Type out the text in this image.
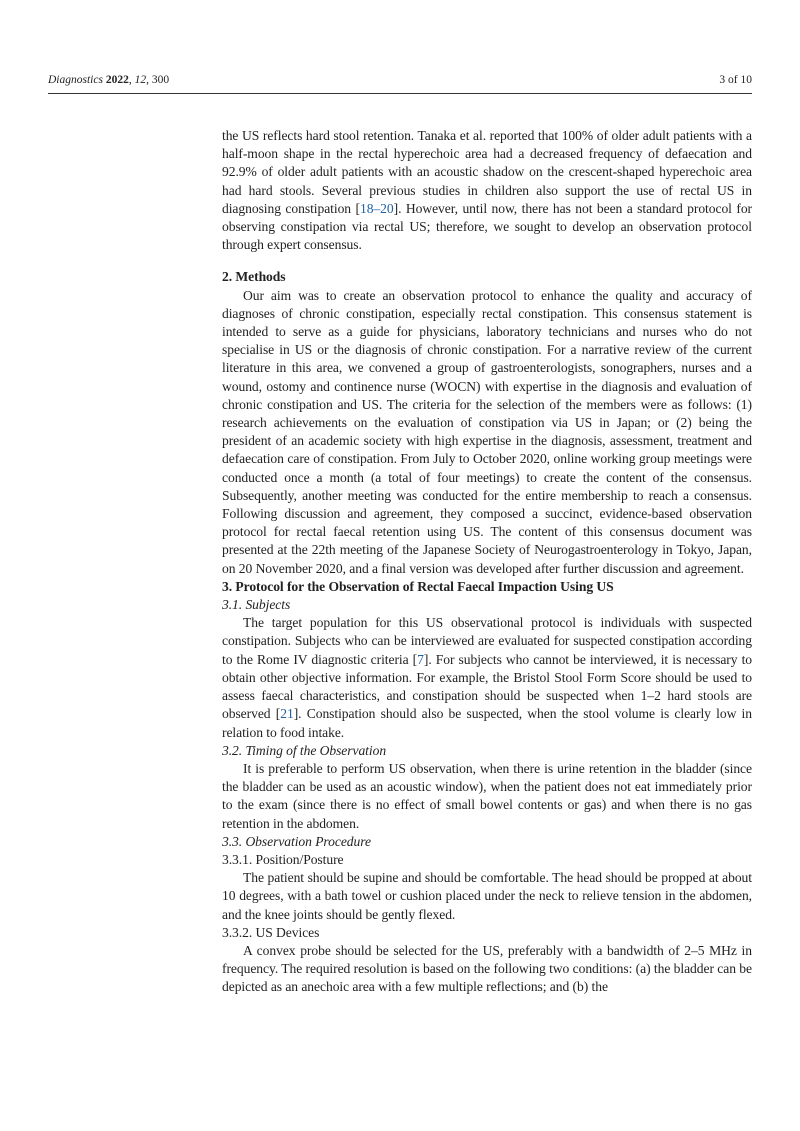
Diagnostics 2022, 12, 300	3 of 10

the US reflects hard stool retention. Tanaka et al. reported that 100% of older adult patients with a half-moon shape in the rectal hyperechoic area had a decreased frequency of defaecation and 92.9% of older adult patients with an acoustic shadow on the crescent-shaped hyperechoic area had hard stools. Several previous studies in children also support the use of rectal US in diagnosing constipation [18–20]. However, until now, there has not been a standard protocol for observing constipation via rectal US; therefore, we sought to develop an observation protocol through expert consensus.

2. Methods

Our aim was to create an observation protocol to enhance the quality and accuracy of diagnoses of chronic constipation, especially rectal constipation. This consensus statement is intended to serve as a guide for physicians, laboratory technicians and nurses who do not specialise in US or the diagnosis of chronic constipation. For a narrative review of the current literature in this area, we convened a group of gastroenterologists, sonographers, nurses and a wound, ostomy and continence nurse (WOCN) with expertise in the diagnosis and evaluation of chronic constipation and US. The criteria for the selection of the members were as follows: (1) research achievements on the evaluation of constipation via US in Japan; or (2) being the president of an academic society with high expertise in the diagnosis, assessment, treatment and defaecation care of constipation. From July to October 2020, online working group meetings were conducted once a month (a total of four meetings) to create the content of the consensus. Subsequently, another meeting was conducted for the entire membership to reach a consensus. Following discussion and agreement, they composed a succinct, evidence-based observation protocol for rectal faecal retention using US. The content of this consensus document was presented at the 22th meeting of the Japanese Society of Neurogastroenterology in Tokyo, Japan, on 20 November 2020, and a final version was developed after further discussion and agreement.

3. Protocol for the Observation of Rectal Faecal Impaction Using US

3.1. Subjects

The target population for this US observational protocol is individuals with suspected constipation. Subjects who can be interviewed are evaluated for suspected constipation according to the Rome IV diagnostic criteria [7]. For subjects who cannot be interviewed, it is necessary to obtain other objective information. For example, the Bristol Stool Form Score should be used to assess faecal characteristics, and constipation should be suspected when 1–2 hard stools are observed [21]. Constipation should also be suspected, when the stool volume is clearly low in relation to food intake.

3.2. Timing of the Observation

It is preferable to perform US observation, when there is urine retention in the bladder (since the bladder can be used as an acoustic window), when the patient does not eat immediately prior to the exam (since there is no effect of small bowel contents or gas) and when there is no gas retention in the abdomen.

3.3. Observation Procedure

3.3.1. Position/Posture

The patient should be supine and should be comfortable. The head should be propped at about 10 degrees, with a bath towel or cushion placed under the neck to relieve tension in the abdomen, and the knee joints should be gently flexed.

3.3.2. US Devices

A convex probe should be selected for the US, preferably with a bandwidth of 2–5 MHz in frequency. The required resolution is based on the following two conditions: (a) the bladder can be depicted as an anechoic area with a few multiple reflections; and (b) the
